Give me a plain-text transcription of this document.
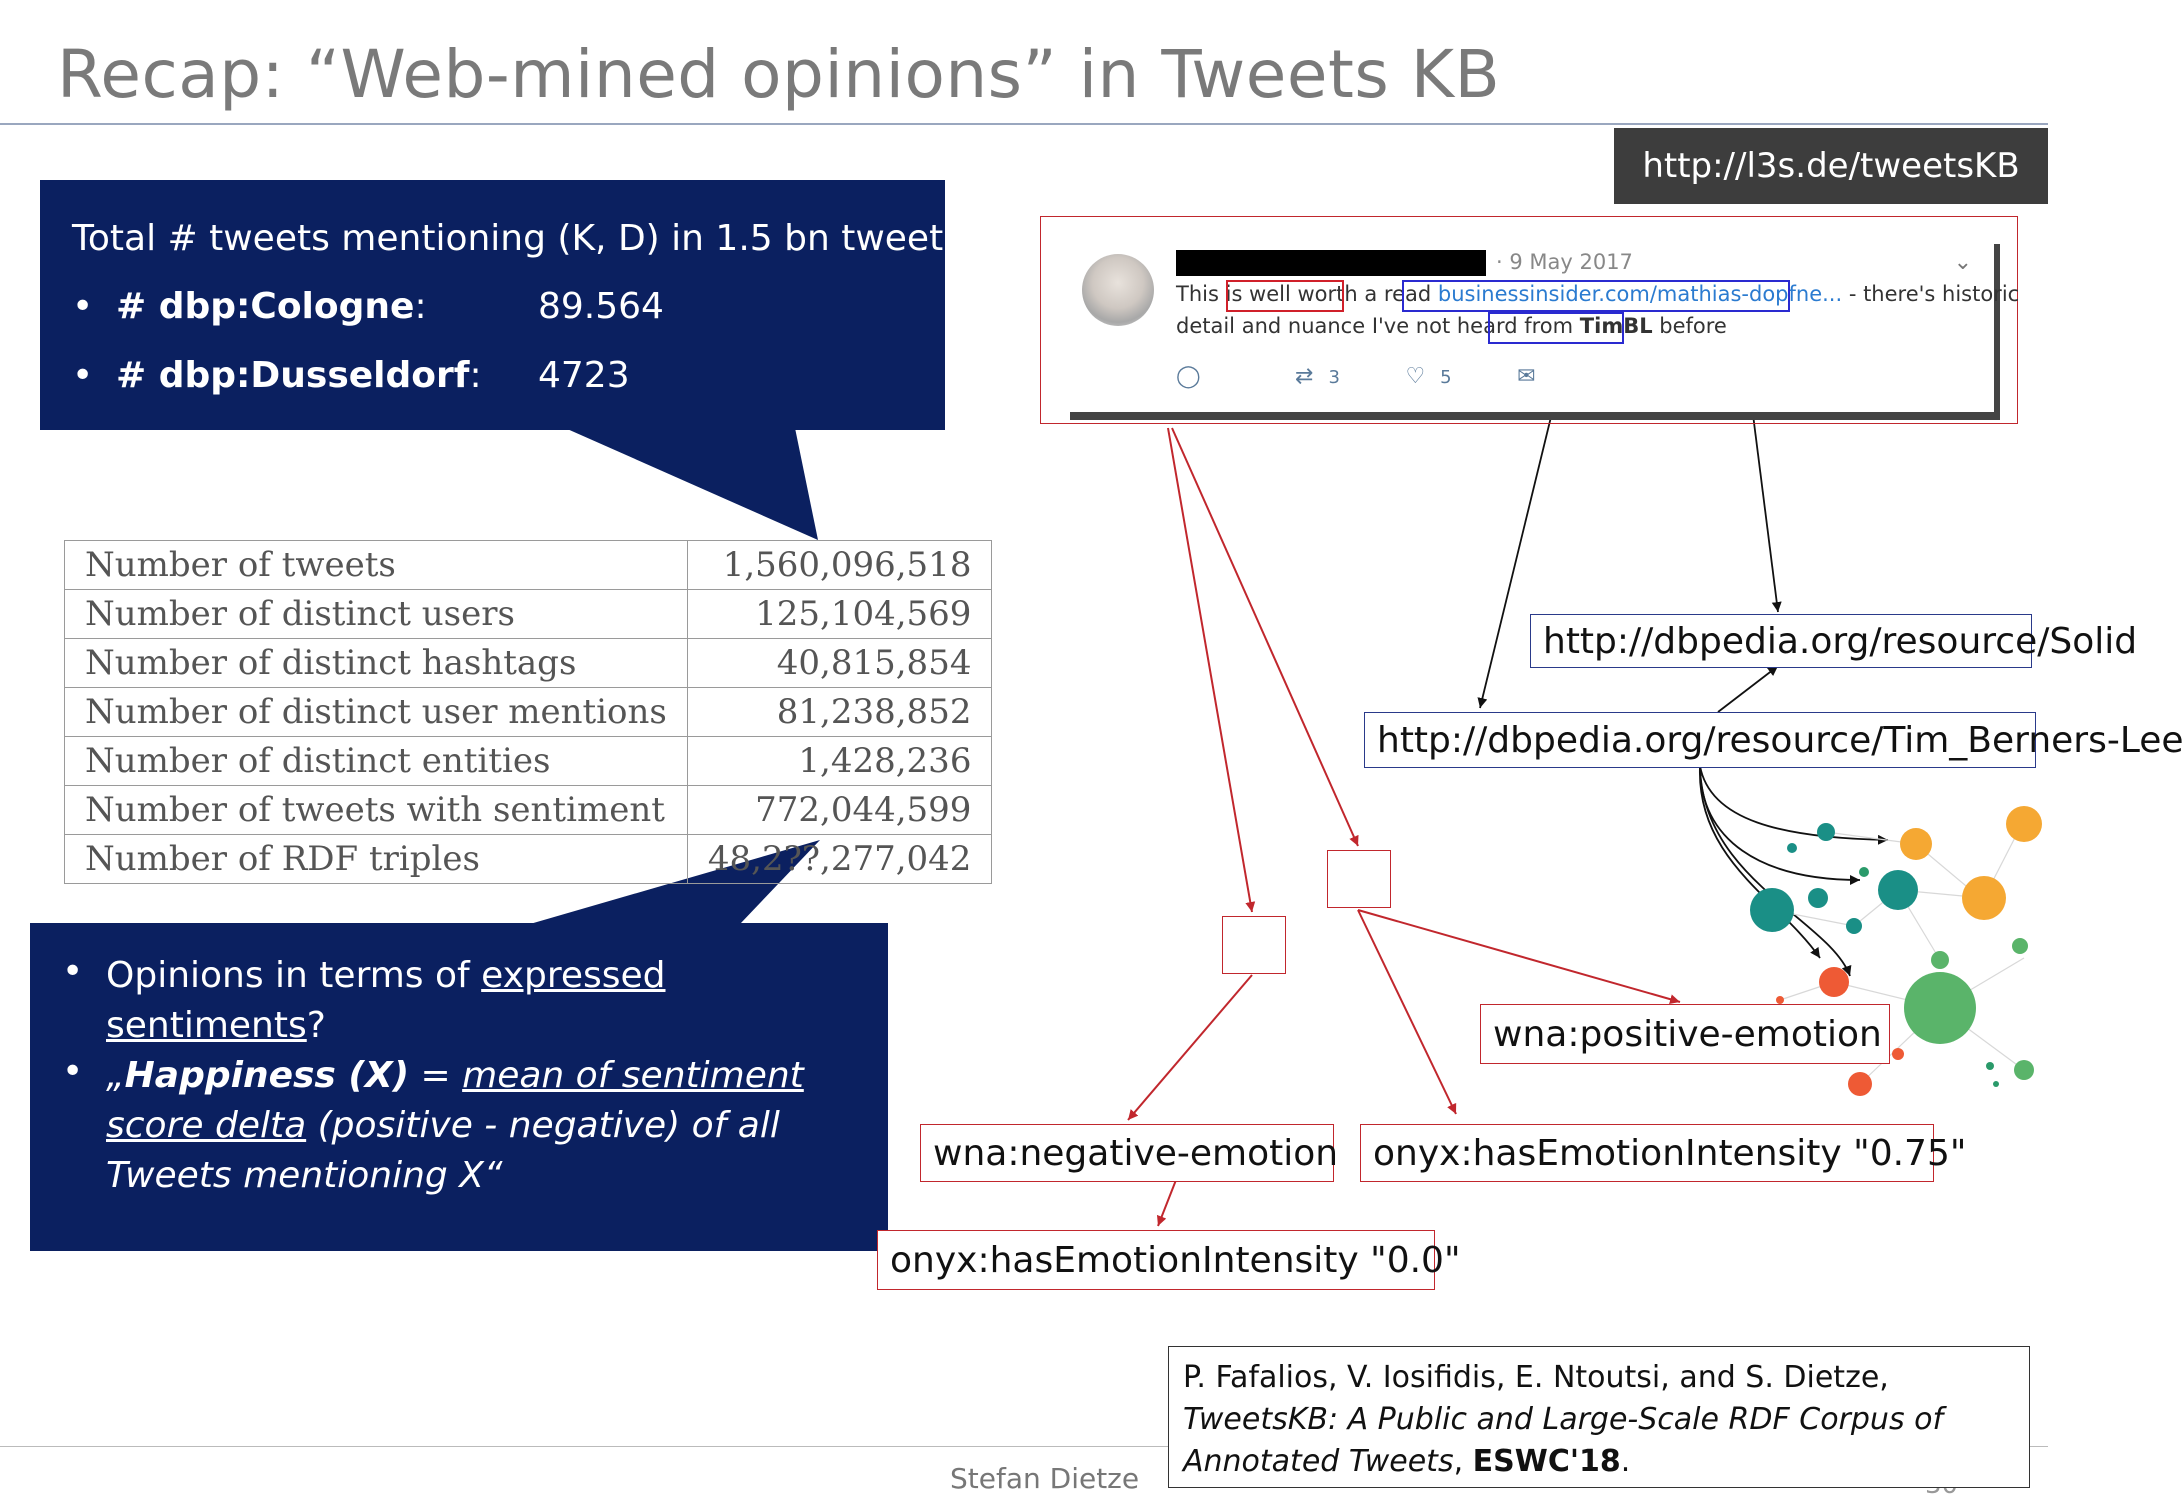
Recap: “Web-mined opinions” in Tweets KB
http://l3s.de/tweetsKB
Total # tweets mentioning (K, D) in 1.5 bn tweets:
• # dbp:Cologne:	89.564
• # dbp:Dusseldorf: 4723
Number of tweets	1,560,096,518
Number of distinct users	125,104,569
Number of distinct hashtags	40,815,854
Number of distinct user mentions	81,238,852
Number of distinct entities	1,428,236
Number of tweets with sentiment	772,044,599
Number of RDF triples	48,2??,277,042
• Opinions in terms of expressed sentiments?
• „Happiness (X) = mean of sentiment score delta (positive - negative) of all Tweets mentioning X“
· 9 May 2017	⌄
This is well worth a read businessinsider.com/mathias-dopfne... - there's historic
detail and nuance I've not heard from TimBL before
◯	⇄ 3	♡ 5	✉
http://dbpedia.org/resource/Solid
http://dbpedia.org/resource/Tim_Berners-Lee
wna:positive-emotion
wna:negative-emotion onyx:hasEmotionIntensity "0.75"
onyx:hasEmotionIntensity "0.0"
Stefan Dietze
P. Fafalios, V. Iosifidis, E. Ntoutsi, and S. Dietze,
TweetsKB: A Public and Large-Scale RDF Corpus of Annotated Tweets, ESWC'18.
